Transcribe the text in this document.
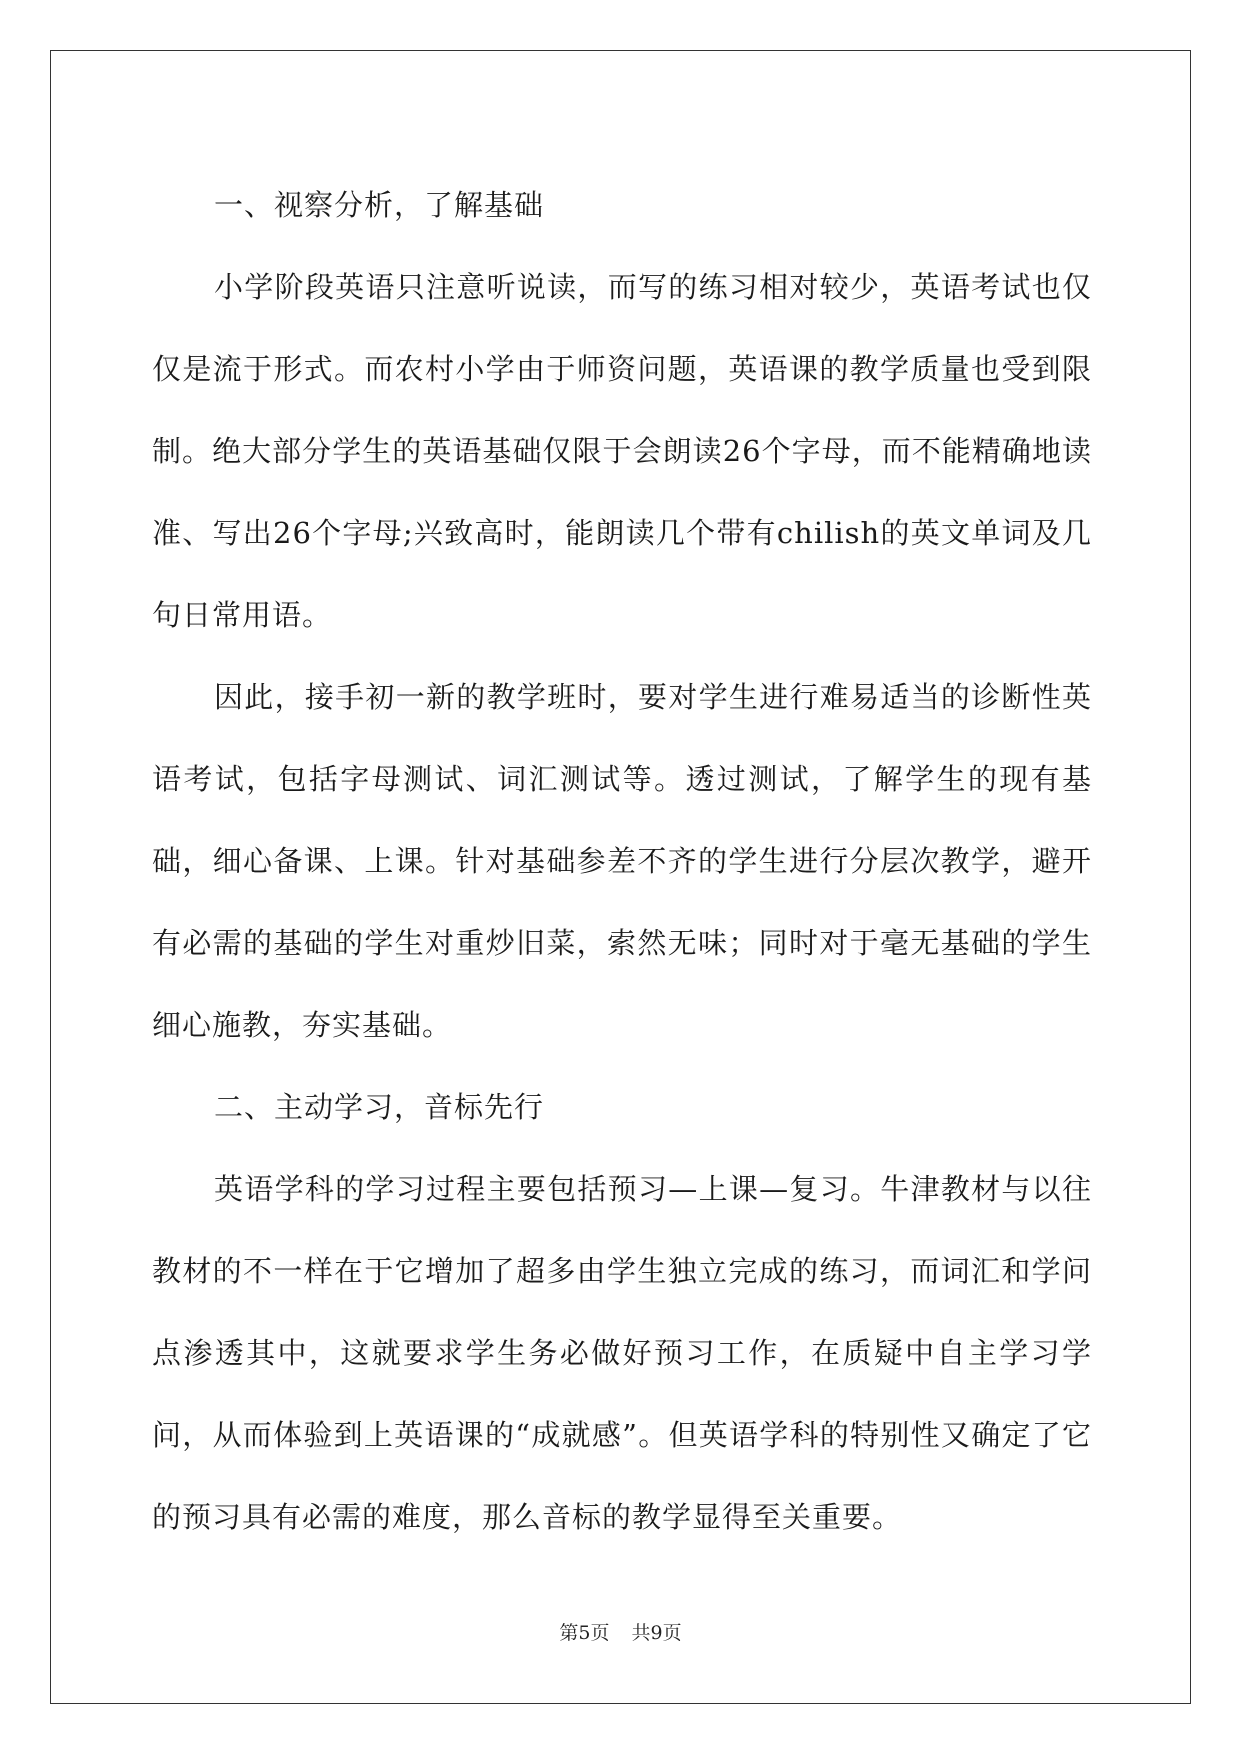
一、视察分析，了解基础

小学阶段英语只注意听说读，而写的练习相对较少，英语考试也仅仅是流于形式。而农村小学由于师资问题，英语课的教学质量也受到限制。绝大部分学生的英语基础仅限于会朗读26个字母，而不能精确地读准、写出26个字母;兴致高时，能朗读几个带有chilish的英文单词及几句日常用语。

因此，接手初一新的教学班时，要对学生进行难易适当的诊断性英语考试，包括字母测试、词汇测试等。透过测试，了解学生的现有基础，细心备课、上课。针对基础参差不齐的学生进行分层次教学，避开有必需的基础的学生对重炒旧菜，索然无味；同时对于毫无基础的学生细心施教，夯实基础。

二、主动学习，音标先行

英语学科的学习过程主要包括预习—上课—复习。牛津教材与以往教材的不一样在于它增加了超多由学生独立完成的练习，而词汇和学问点渗透其中，这就要求学生务必做好预习工作，在质疑中自主学习学问，从而体验到上英语课的“成就感”。但英语学科的特别性又确定了它的预习具有必需的难度，那么音标的教学显得至关重要。

第5页 共9页
